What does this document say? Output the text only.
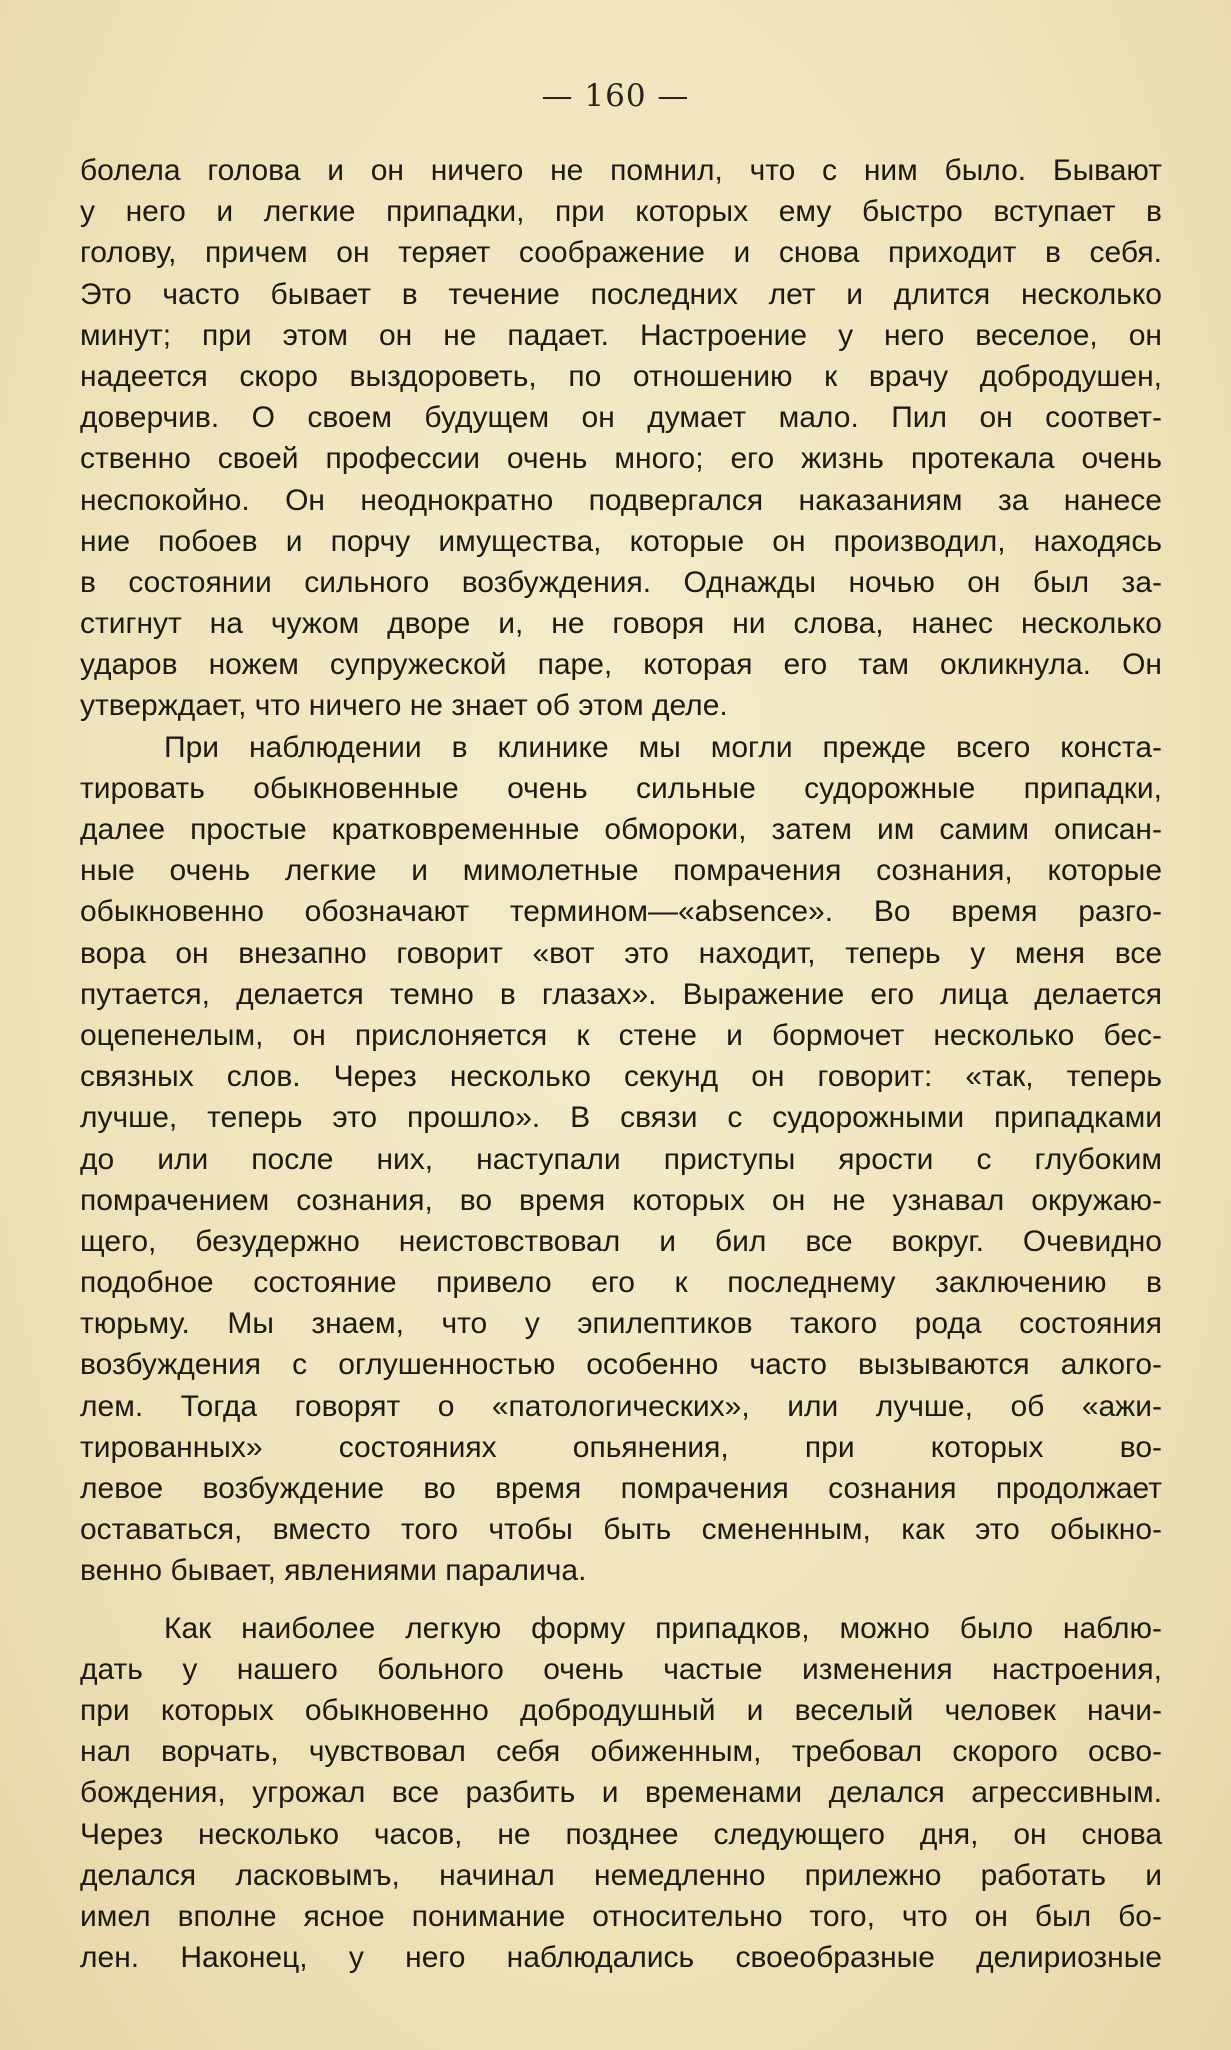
— 160 —
болела голова и он ничего не помнил, что с ним было. Бывают
у него и легкие припадки, при которых ему быстро вступает в
голову, причем он теряет соображение и снова приходит в себя.
Это часто бывает в течение последних лет и длится несколько
минут; при этом он не падает. Настроение у него веселое, он
надеется скоро выздороветь, по отношению к врачу добродушен,
доверчив. О своем будущем он думает мало. Пил он соответ-
ственно своей профессии очень много; его жизнь протекала очень
неспокойно. Он неоднократно подвергался наказаниям за нанесе
ние побоев и порчу имущества, которые он производил, находясь
в состоянии сильного возбуждения. Однажды ночью он был за-
стигнут на чужом дворе и, не говоря ни слова, нанес несколько
ударов ножем супружеской паре, которая его там окликнула. Он
утверждает, что ничего не знает об этом деле.
При наблюдении в клинике мы могли прежде всего конста-
тировать обыкновенные очень сильные судорожные припадки,
далее простые кратковременные обмороки, затем им самим описан-
ные очень легкие и мимолетные помрачения сознания, которые
обыкновенно обозначают термином—«absence». Во время разго-
вора он внезапно говорит «вот это находит, теперь у меня все
путается, делается темно в глазах». Выражение его лица делается
оцепенелым, он прислоняется к стене и бормочет несколько бес-
связных слов. Через несколько секунд он говорит: «так, теперь
лучше, теперь это прошло». В связи с судорожными припадками
до или после них, наступали приступы ярости с глубоким
помрачением сознания, во время которых он не узнавал окружаю-
щего, безудержно неистовствовал и бил все вокруг. Очевидно
подобное состояние привело его к последнему заключению в
тюрьму. Мы знаем, что у эпилептиков такого рода состояния
возбуждения с оглушенностью особенно часто вызываются алкого-
лем. Тогда говорят о «патологических», или лучше, об «ажи-
тированных» состояниях опьянения, при которых во-
левое возбуждение во время помрачения сознания продолжает
оставаться, вместо того чтобы быть смененным, как это обыкно-
венно бывает, явлениями паралича.
Как наиболее легкую форму припадков, можно было наблю-
дать у нашего больного очень частые изменения настроения,
при которых обыкновенно добродушный и веселый человек начи-
нал ворчать, чувствовал себя обиженным, требовал скорого осво-
бождения, угрожал все разбить и временами делался агрессивным.
Через несколько часов, не позднее следующего дня, он снова
делался ласковымъ, начинал немедленно прилежно работать и
имел вполне ясное понимание относительно того, что он был бо-
лен. Наконец, у него наблюдались своеобразные делириозные
